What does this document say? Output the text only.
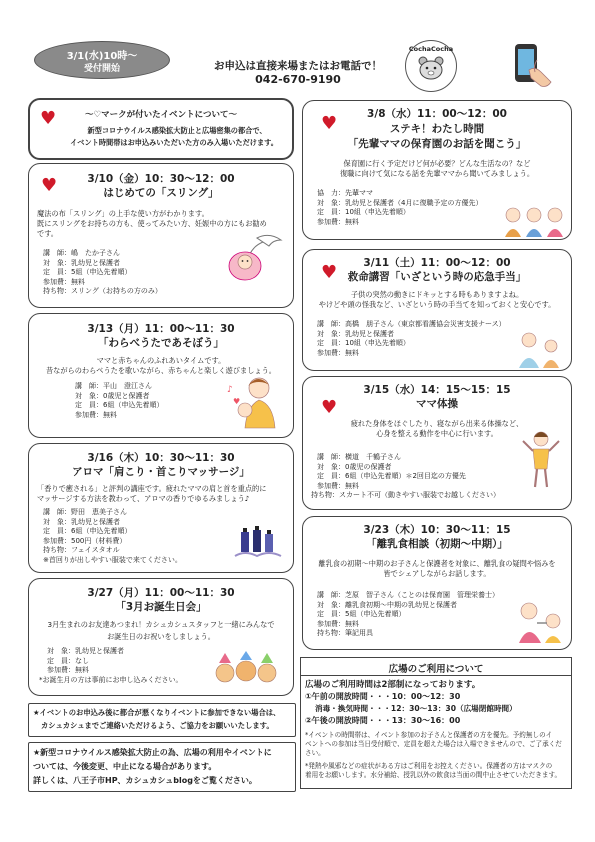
3/1(水)10時〜
受付開始	お申込は直接来場またはお電話で！
042-670-9190
CochaCocha
♥	〜♡マークが付いたイベントについて〜
新型コロナウイルス感染拡大防止と広場密集の都合で、
イベント時間帯はお申込みいただいた方のみ入場いただけます。
♥	3/10（金）10：30〜12：00
はじめての「スリング」
魔法の布「スリング」の上手な使い方がわかります。
既にスリングをお持ちの方も、使ってみたい方、妊娠中の方にもお勧め
です。
講　師：嶋　たか子さん
対　象：乳幼児と保護者
定　員：5組（申込先着順）
参加費：無料
持ち物：スリング（お持ちの方のみ）
3/13（月）11：00〜11：30
「わらべうたであそぼう」
ママと赤ちゃんのふれあいタイムです。
昔ながらのわらべうたを歌いながら、赤ちゃんと楽しく遊びましょう。
講　師：平山　澄江さん
対　象：0歳児と保護者
定　員：6組（申込先着順）
参加費：無料
♪
♥
3/16（木）10：30〜11：30
アロマ「肩こり・首こりマッサージ」
「香りで癒される」と評判の講座です。疲れたママの肩と首を重点的に
マッサージする方法を教わって、アロマの香りでゆるみましょう♪
講　師：野田　恵美子さん
対　象：乳幼児と保護者
定　員：6組（申込先着順）
参加費：500円（材料費）
持ち物：フェイスタオル
※首回りが出しやすい服装で来てください。
3/27（月）11：00〜11：30
「3月お誕生日会」
3月生まれのお友達あつまれ！カシュカシュスタッフと一緒にみんなで
お誕生日のお祝いをしましょう。
対　象：乳幼児と保護者
定　員：なし
参加費：無料
*お誕生月の方は事前にお申し込みください。
★イベントのお申込み後に都合が悪くなりイベントに参加できない場合は、
カシュカシュまでご連絡いただけるよう、ご協力をお願いいたします。
★新型コロナウイルス感染拡大防止の為、広場の利用やイベントに
ついては、今後変更、中止になる場合があります。
詳しくは、八王子市HP、カシュカシュblogをご覧ください。
♥	3/8（水）11：00〜12：00
ステキ！わたし時間
「先輩ママの保育園のお話を聞こう」
保育園に行く予定だけど何が必要？どんな生活なの？など
復職に向けて気になる話を先輩ママから聞いてみましょう。
協　力：先輩ママ
対　象：乳幼児と保護者（4月に復職予定の方優先）
定　員：10組（申込先着順）
参加費：無料
♥	3/11（土）11：00〜12：00
救命講習「いざという時の応急手当」
子供の突然の動きにドキッとする時もありますよね。
やけどや頭の怪我など、いざという時の手当てを知っておくと安心です。
講　師：高橋　朋子さん（東京都看護協会災害支援ナース）
対　象：乳幼児と保護者
定　員：10組（申込先着順）
参加費：無料
♥
3/15（水）14：15〜15：15
ママ体操
疲れた身体をほぐしたり、寝ながら出来る体操など、
心身を整える動作を中心に行います。
講　師：横道　千鶴子さん
対　象：0歳児の保護者
定　員：6組（申込先着順）＊2回目迄の方優先
参加費：無料
持ち物：スカート不可（動きやすい服装でお越しください）
3/23（木）10：30〜11：15
「離乳食相談（初期〜中期）」
離乳食の初期〜中期のお子さんと保護者を対象に、離乳食の疑問や悩みを
皆でシェアしながらお話します。
講　師：芝原　智子さん（ことのは保育園　管理栄養士）
対　象：離乳食初期〜中期の乳幼児と保護者
定　員：5組（申込先着順）
参加費：無料
持ち物：筆記用具
広場のご利用について
広場のご利用時間は2部制になっております。
①午前の開放時間・・・10：00〜12：30
消毒・換気時間・・・12：30〜13：30（広場閉館時間）
②午後の開放時間・・・13：30〜16：00
*イベントの時間帯は、イベント参加のお子さんと保護者の方を優先。予約無しのイ
ベントへの参加は当日受付順で、定員を超えた場合は入場できませんので、ご了承くだ
さい。
*発熱や風邪などの症状がある方はご利用をお控えください。保護者の方はマスクの
着用をお願いします。水分補給、授乳以外の飲食は当面の間中止させていただきます。
